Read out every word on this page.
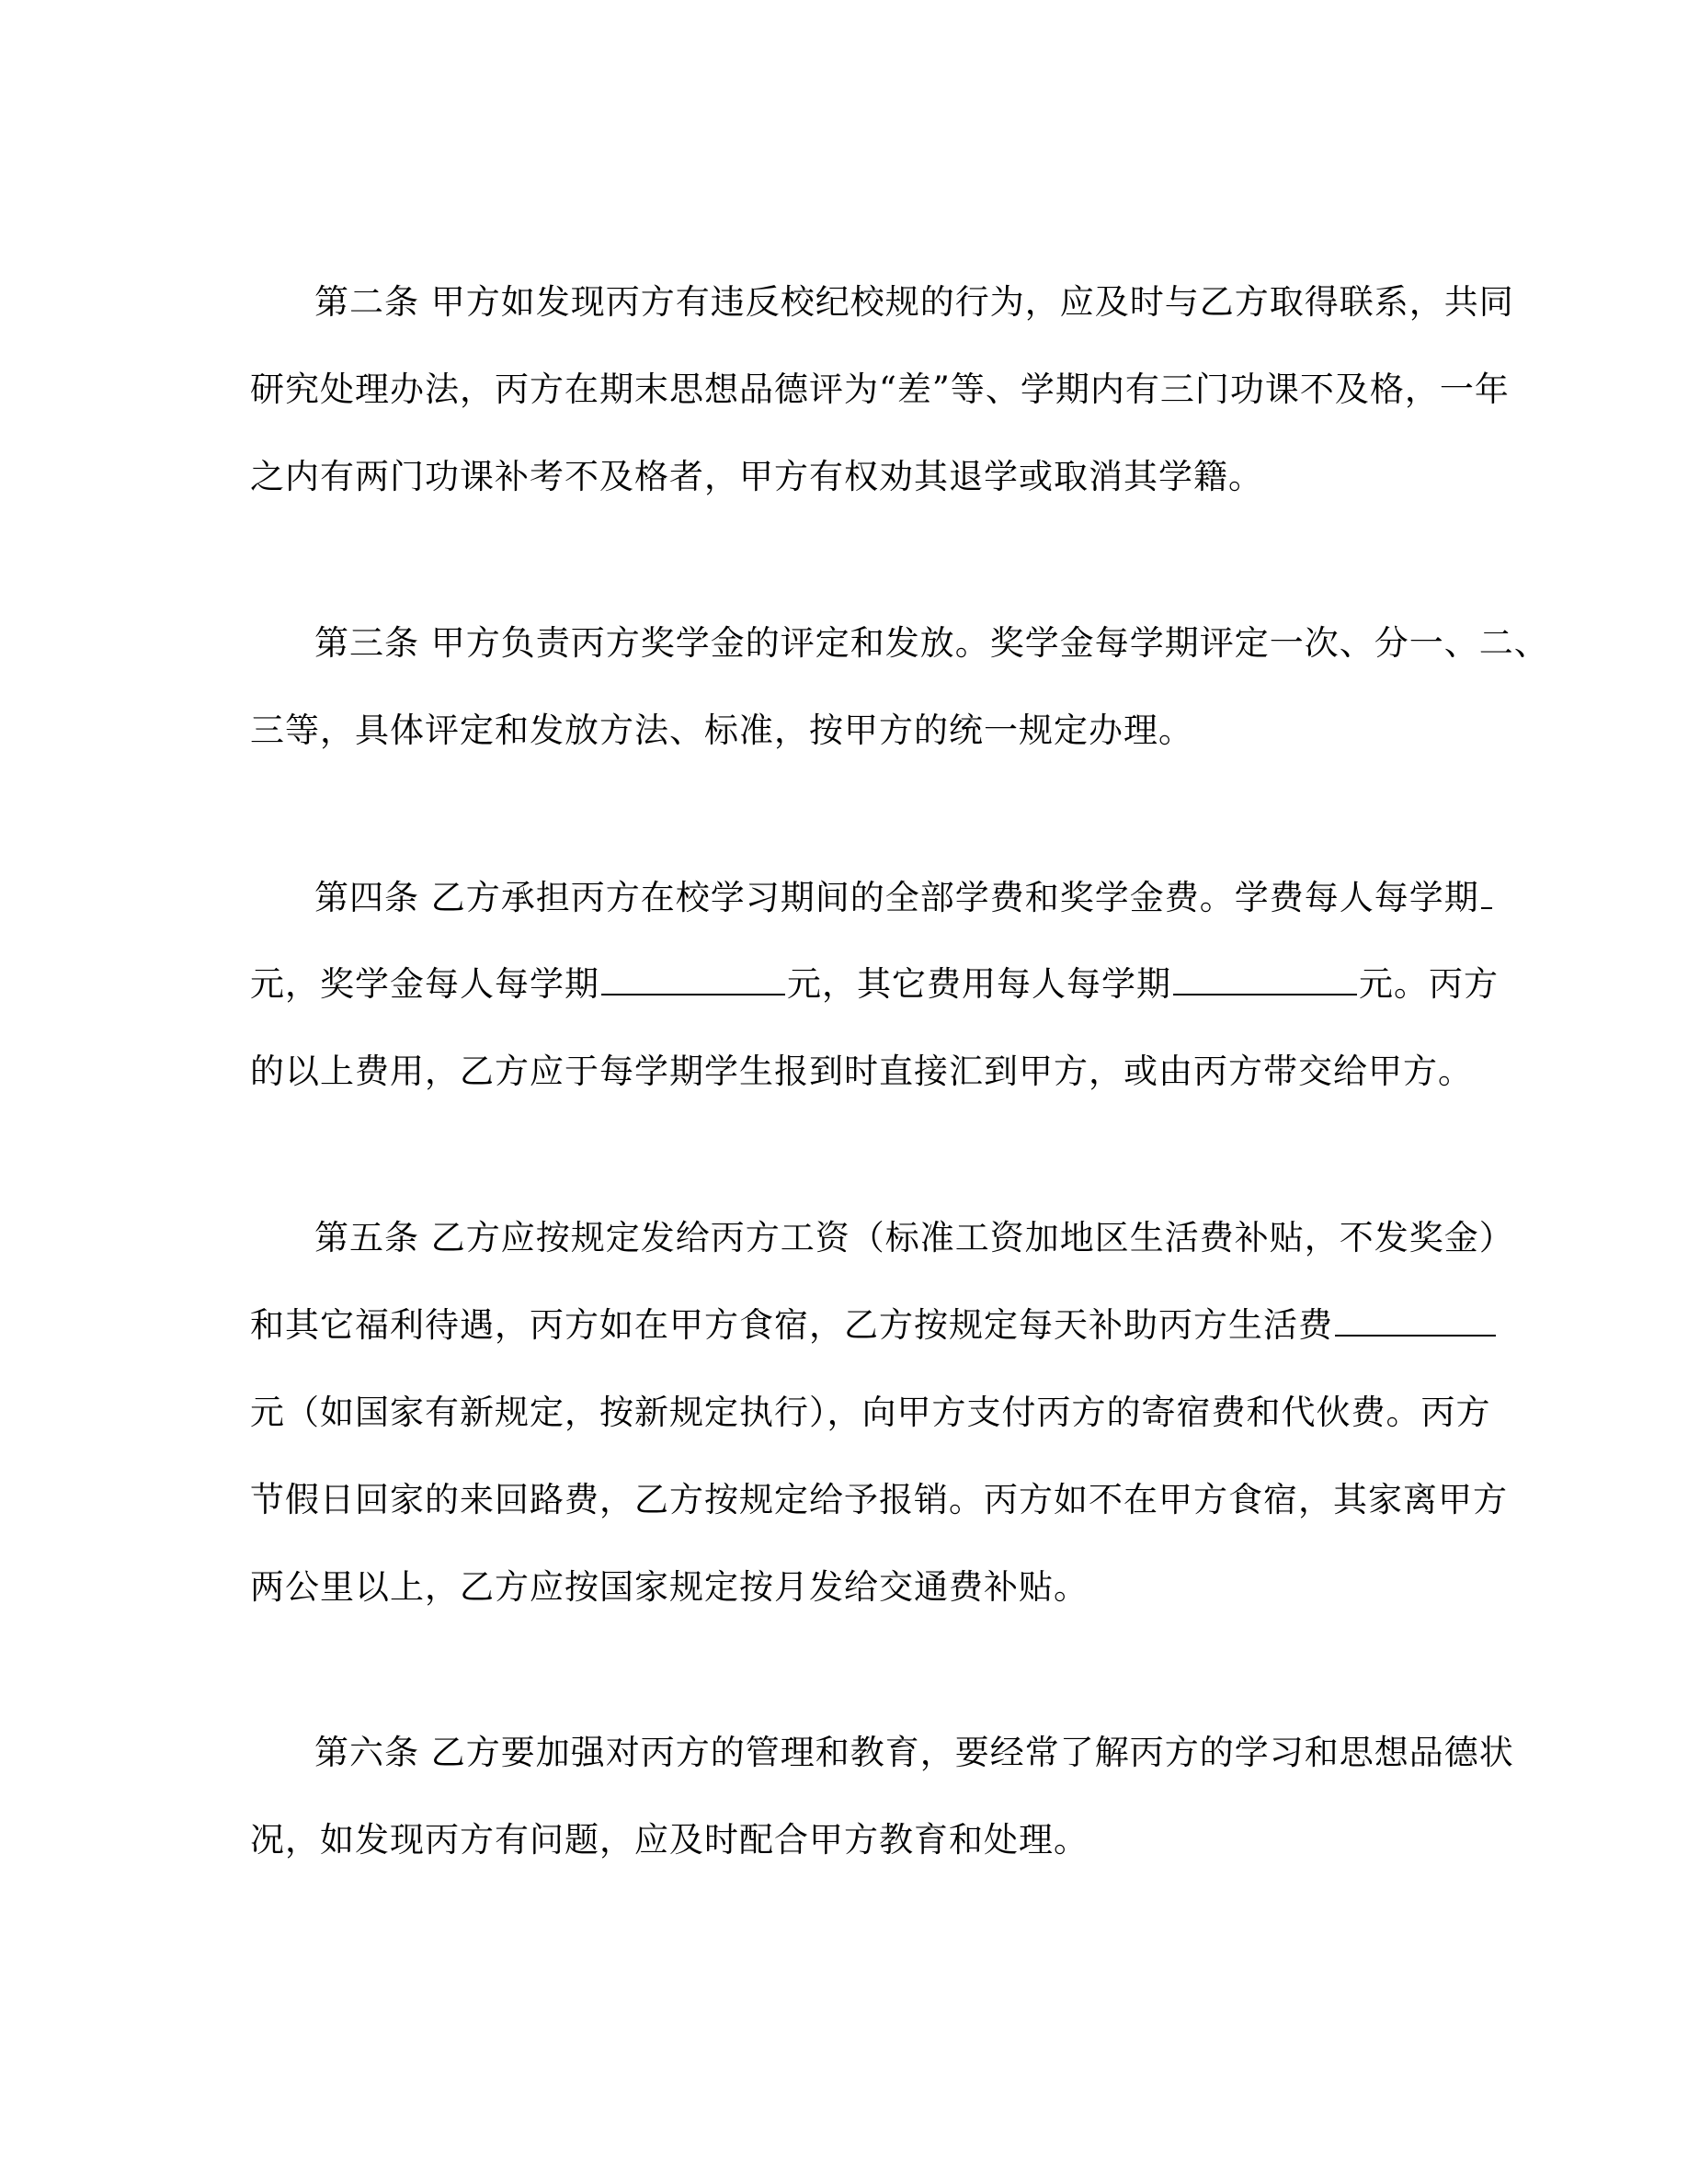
第二条 甲方如发现丙方有违反校纪校规的行为，应及时与乙方取得联系，共同
研究处理办法，丙方在期末思想品德评为“差”等、学期内有三门功课不及格，一年
之内有两门功课补考不及格者，甲方有权劝其退学或取消其学籍。
第三条 甲方负责丙方奖学金的评定和发放。奖学金每学期评定一次、分一、二、
三等，具体评定和发放方法、标准，按甲方的统一规定办理。
第四条 乙方承担丙方在校学习期间的全部学费和奖学金费。学费每人每学期
元，奖学金每人每学期	元，其它费用每人每学期	元。丙方
的以上费用，乙方应于每学期学生报到时直接汇到甲方，或由丙方带交给甲方。
第五条 乙方应按规定发给丙方工资（标准工资加地区生活费补贴，不发奖金）
和其它福利待遇，丙方如在甲方食宿，乙方按规定每天补助丙方生活费
元（如国家有新规定，按新规定执行），向甲方支付丙方的寄宿费和代伙费。丙方
节假日回家的来回路费，乙方按规定给予报销。丙方如不在甲方食宿，其家离甲方
两公里以上，乙方应按国家规定按月发给交通费补贴。
第六条 乙方要加强对丙方的管理和教育，要经常了解丙方的学习和思想品德状
况，如发现丙方有问题，应及时配合甲方教育和处理。
